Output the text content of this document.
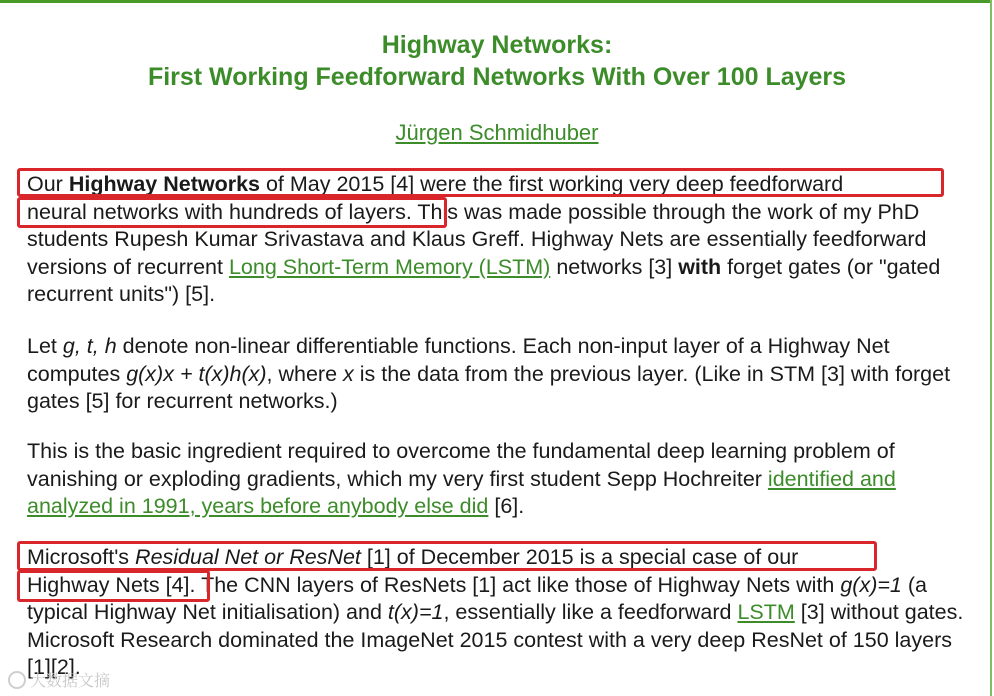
Highway Networks:
First Working Feedforward Networks With Over 100 Layers
Jürgen Schmidhuber

Our Highway Networks of May 2015 [4] were the first working very deep feedforward
neural networks with hundreds of layers. This was made possible through the work of my PhD students Rupesh Kumar Srivastava and Klaus Greff. Highway Nets are essentially feedforward versions of recurrent Long Short-Term Memory (LSTM) networks [3] with forget gates (or "gated recurrent units") [5].

Let g, t, h denote non-linear differentiable functions. Each non-input layer of a Highway Net computes g(x)x + t(x)h(x), where x is the data from the previous layer. (Like in STM [3] with forget gates [5] for recurrent networks.)

This is the basic ingredient required to overcome the fundamental deep learning problem of vanishing or exploding gradients, which my very first student Sepp Hochreiter identified and analyzed in 1991, years before anybody else did [6].

Microsoft's Residual Net or ResNet [1] of December 2015 is a special case of our
Highway Nets [4]. The CNN layers of ResNets [1] act like those of Highway Nets with g(x)=1 (a typical Highway Net initialisation) and t(x)=1, essentially like a feedforward LSTM [3] without gates. Microsoft Research dominated the ImageNet 2015 contest with a very deep ResNet of 150 layers [1][2].

大数据文摘
